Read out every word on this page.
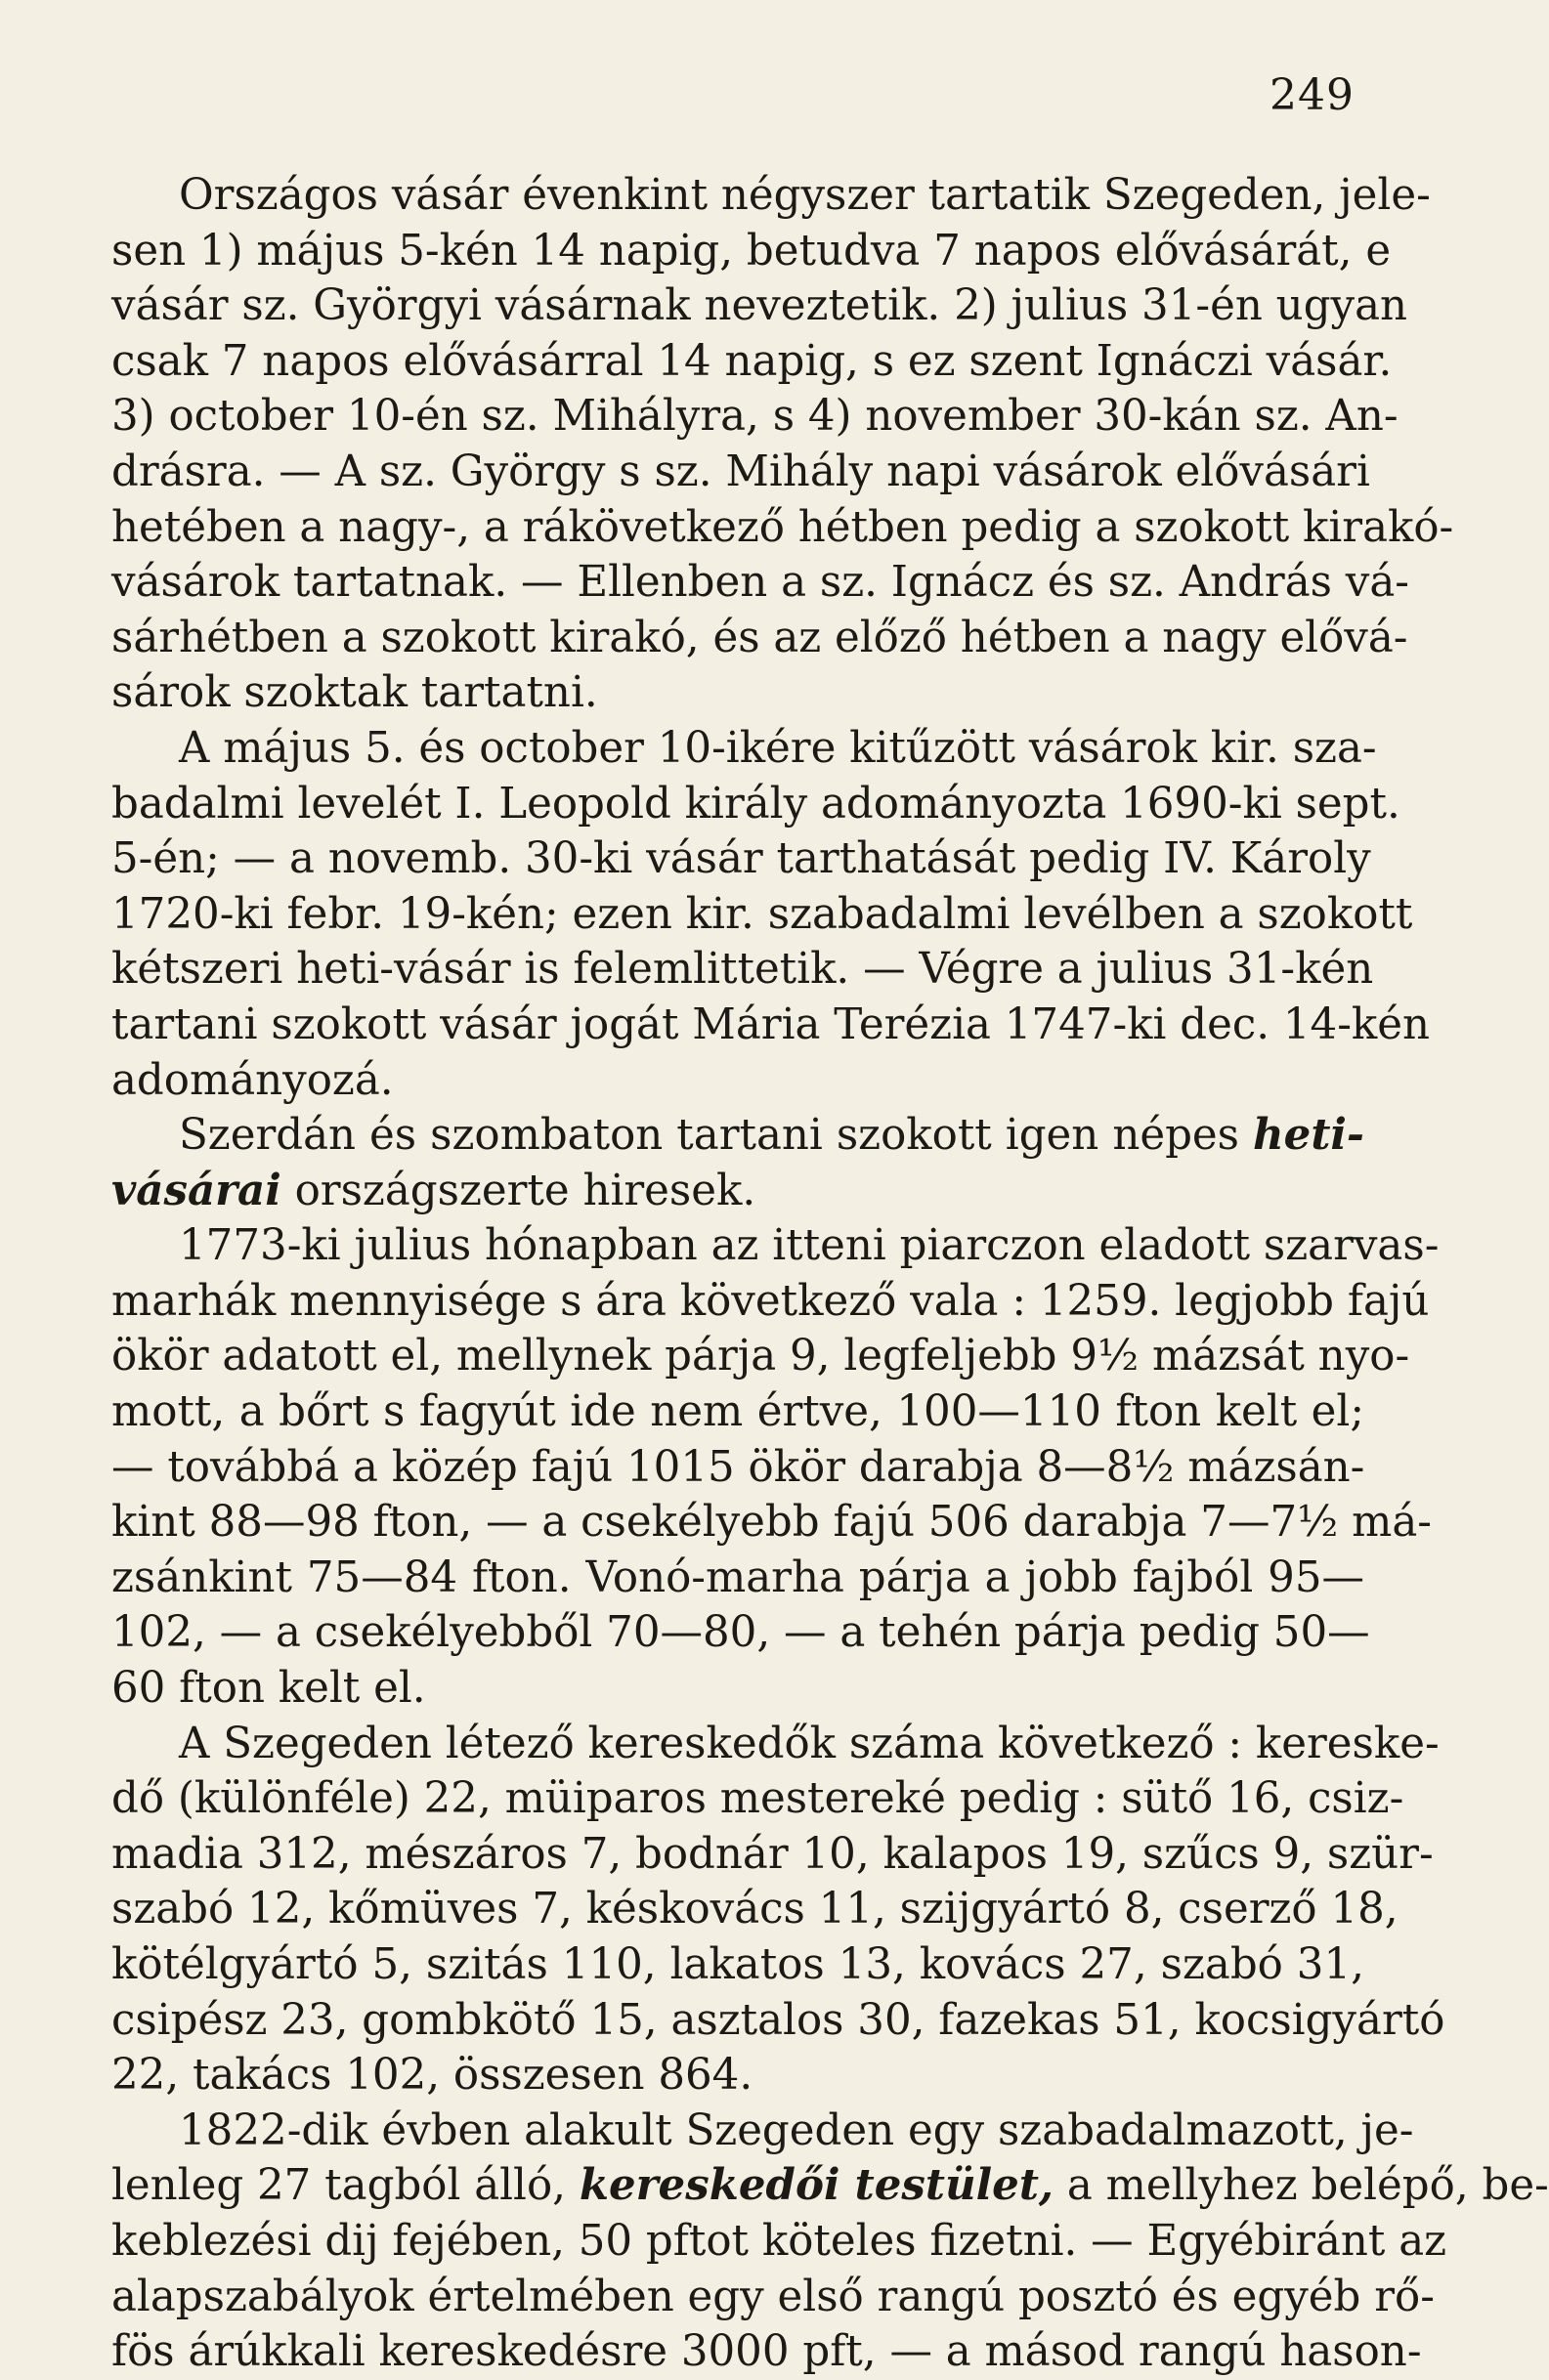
249
Országos vásár évenkint négyszer tartatik Szegeden, jele-
sen 1) május 5-kén 14 napig, betudva 7 napos elővásárát, e
vásár sz. Györgyi vásárnak neveztetik. 2) julius 31-én ugyan
csak 7 napos elővásárral 14 napig, s ez szent Ignáczi vásár.
3) october 10-én sz. Mihályra, s 4) november 30-kán sz. An-
drásra. — A sz. György s sz. Mihály napi vásárok elővásári
hetében a nagy-, a rákövetkező hétben pedig a szokott kirakó-
vásárok tartatnak. — Ellenben a sz. Ignácz és sz. András vá-
sárhétben a szokott kirakó, és az előző hétben a nagy elővá-
sárok szoktak tartatni.
A május 5. és october 10-ikére kitűzött vásárok kir. sza-
badalmi levelét I. Leopold király adományozta 1690-ki sept.
5-én; — a novemb. 30-ki vásár tarthatását pedig IV. Károly
1720-ki febr. 19-kén; ezen kir. szabadalmi levélben a szokott
kétszeri heti-vásár is felemlittetik. — Végre a julius 31-kén
tartani szokott vásár jogát Mária Terézia 1747-ki dec. 14-kén
adományozá.
Szerdán és szombaton tartani szokott igen népes heti-
vásárai országszerte hiresek.
1773-ki julius hónapban az itteni piarczon eladott szarvas-
marhák mennyisége s ára következő vala : 1259. legjobb fajú
ökör adatott el, mellynek párja 9, legfeljebb 9½ mázsát nyo-
mott, a bőrt s fagyút ide nem értve, 100—110 fton kelt el;
— továbbá a közép fajú 1015 ökör darabja 8—8½ mázsán-
kint 88—98 fton, — a csekélyebb fajú 506 darabja 7—7½ má-
zsánkint 75—84 fton. Vonó-marha párja a jobb fajból 95—
102, — a csekélyebből 70—80, — a tehén párja pedig 50—
60 fton kelt el.
A Szegeden létező kereskedők száma következő : kereske-
dő (különféle) 22, müiparos mestereké pedig : sütő 16, csiz-
madia 312, mészáros 7, bodnár 10, kalapos 19, szűcs 9, szür-
szabó 12, kőmüves 7, késkovács 11, szijgyártó 8, cserző 18,
kötélgyártó 5, szitás 110, lakatos 13, kovács 27, szabó 31,
csipész 23, gombkötő 15, asztalos 30, fazekas 51, kocsigyártó
22, takács 102, összesen 864.
1822-dik évben alakult Szegeden egy szabadalmazott, je-
lenleg 27 tagból álló, kereskedői testület, a mellyhez belépő, be-
keblezési dij fejében, 50 pftot köteles fizetni. — Egyébiránt az
alapszabályok értelmében egy első rangú posztó és egyéb rő-
fös árúkkali kereskedésre 3000 pft, — a másod rangú hason-
